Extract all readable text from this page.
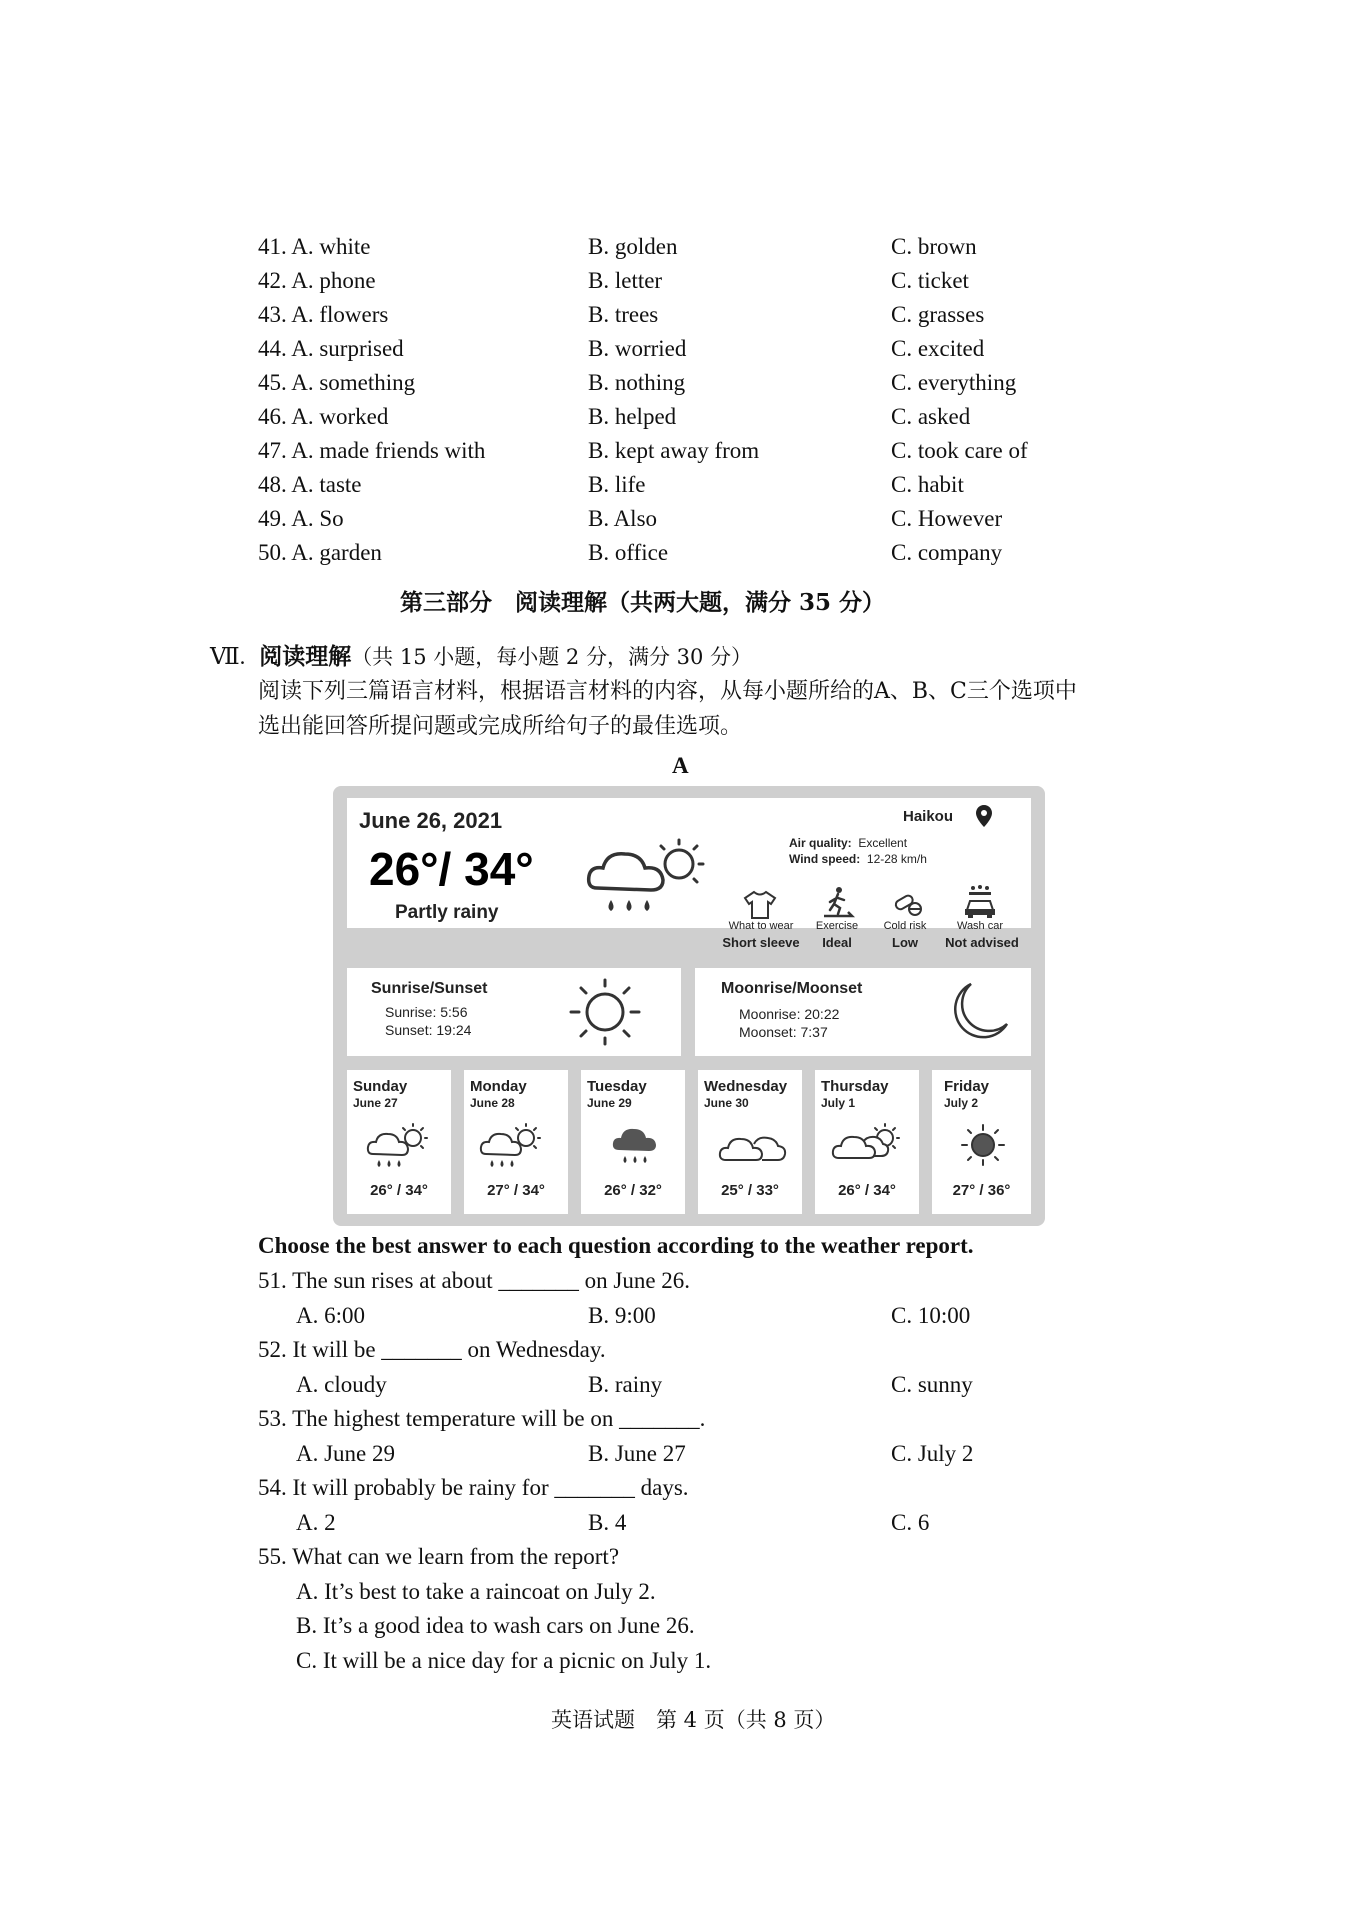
41. A. white	B. golden	C. brown
42. A. phone	B. letter	C. ticket
43. A. flowers	B. trees	C. grasses
44. A. surprised	B. worried	C. excited
45. A. something	B. nothing	C. everything
46. A. worked	B. helped	C. asked
47. A. made friends with	B. kept away from	C. took care of
48. A. taste	B. life	C. habit
49. A. So	B. Also	C. However
50. A. garden	B. office	C. company
第三部分　阅读理解（共两大题，满分 35 分）
Ⅶ. 阅读理解（共 15 小题，每小题 2 分，满分 30 分）
阅读下列三篇语言材料，根据语言材料的内容，从每小题所给的A、B、C三个选项中
选出能回答所提问题或完成所给句子的最佳选项。
A
June 26, 2021
26°/ 34°
Partly rainy
Haikou
Air quality: Excellent
Wind speed: 12-28 km/h
What to wear	Exercise	Cold risk	Wash car
Short sleeve	Ideal	Low	Not advised
Sunrise/Sunset
Sunrise: 5:56
Sunset: 19:24
Moonrise/Moonset
Moonrise: 20:22
Moonset: 7:37
Sunday
June 27
26° / 34°
Monday
June 28
27° / 34°
Tuesday
June 29
26° / 32°
Wednesday
June 30
25° / 33°
Thursday
July 1
26° / 34°
Friday
July 2
27° / 36°
Choose the best answer to each question according to the weather report.
51. The sun rises at about _______ on June 26.
A. 6:00	B. 9:00	C. 10:00
52. It will be _______ on Wednesday.
A. cloudy	B. rainy	C. sunny
53. The highest temperature will be on _______.
A. June 29	B. June 27	C. July 2
54. It will probably be rainy for _______ days.
A. 2	B. 4	C. 6
55. What can we learn from the report?
A. It’s best to take a raincoat on July 2.
B. It’s a good idea to wash cars on June 26.
C. It will be a nice day for a picnic on July 1.
英语试题　第 4 页（共 8 页）
